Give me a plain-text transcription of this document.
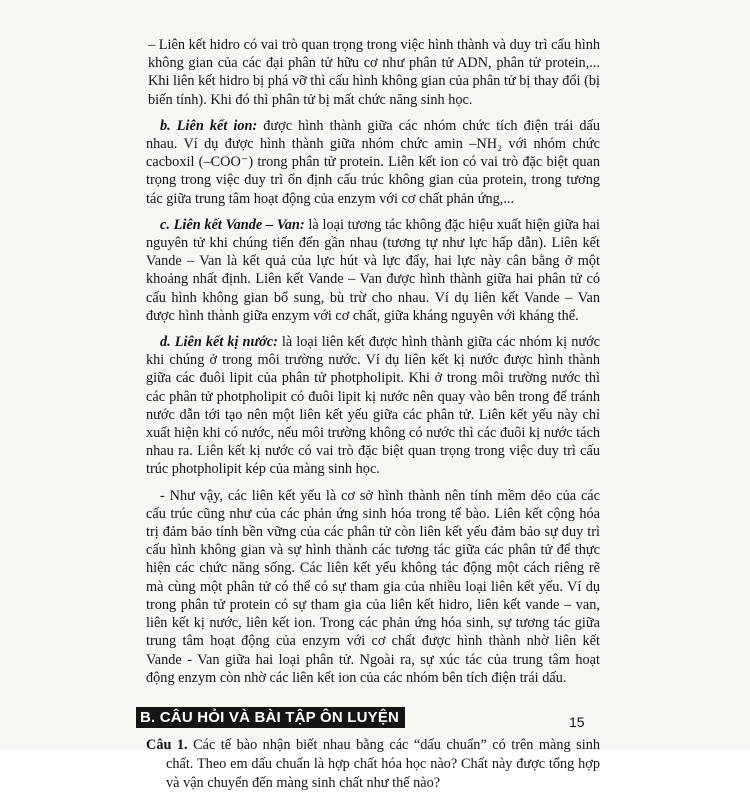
– Liên kết hidro có vai trò quan trọng trong việc hình thành và duy trì cấu hình không gian của các đại phân tử hữu cơ như phân tử ADN, phân tử protein,... Khi liên kết hidro bị phá vỡ thì cấu hình không gian của phân tử bị thay đổi (bị biến tính). Khi đó thì phân tử bị mất chức năng sinh học.

b. Liên kết ion: được hình thành giữa các nhóm chức tích điện trái dấu nhau. Ví dụ được hình thành giữa nhóm chức amin –NH₂ với nhóm chức cacboxil (–COO⁻) trong phân tử protein. Liên kết ion có vai trò đặc biệt quan trọng trong việc duy trì ổn định cấu trúc không gian của protein, trong tương tác giữa trung tâm hoạt động của enzym với cơ chất phản ứng,...

c. Liên kết Vande – Van: là loại tương tác không đặc hiệu xuất hiện giữa hai nguyên tử khi chúng tiến đến gần nhau (tương tự như lực hấp dẫn). Liên kết Vande – Van là kết quả của lực hút và lực đẩy, hai lực này cân bằng ở một khoảng nhất định. Liên kết Vande – Van được hình thành giữa hai phân tử có cấu hình không gian bổ sung, bù trừ cho nhau. Ví dụ liên kết Vande – Van được hình thành giữa enzym với cơ chất, giữa kháng nguyên với kháng thể.

d. Liên kết kị nước: là loại liên kết được hình thành giữa các nhóm kị nước khi chúng ở trong môi trường nước. Ví dụ liên kết kị nước được hình thành giữa các đuôi lipit của phân tử photpholipit. Khi ở trong môi trường nước thì các phân tử photpholipit có đuôi lipit kị nước nên quay vào bên trong để tránh nước dẫn tới tạo nên một liên kết yếu giữa các phân tử. Liên kết yếu này chỉ xuất hiện khi có nước, nếu môi trường không có nước thì các đuôi kị nước tách nhau ra. Liên kết kị nước có vai trò đặc biệt quan trọng trong việc duy trì cấu trúc photpholipit kép của màng sinh học.

- Như vậy, các liên kết yếu là cơ sở hình thành nên tính mềm dẻo của các cấu trúc cũng như của các phản ứng sinh hóa trong tế bào. Liên kết cộng hóa trị đảm bảo tính bền vững của các phân tử còn liên kết yếu đảm bảo sự duy trì cấu hình không gian và sự hình thành các tương tác giữa các phân tử để thực hiện các chức năng sống. Các liên kết yếu không tác động một cách riêng rẽ mà cùng một phân tử có thể có sự tham gia của nhiều loại liên kết yếu. Ví dụ trong phân tử protein có sự tham gia của liên kết hidro, liên kết vande – van, liên kết kị nước, liên kết ion. Trong các phản ứng hóa sinh, sự tương tác giữa trung tâm hoạt động của enzym với cơ chất được hình thành nhờ liên kết Vande - Van giữa hai loại phân tử. Ngoài ra, sự xúc tác của trung tâm hoạt động enzym còn nhờ các liên kết ion của các nhóm bên tích điện trái dấu.

B. CÂU HỎI VÀ BÀI TẬP ÔN LUYỆN

Câu 1. Các tế bào nhận biết nhau bằng các “dấu chuẩn” có trên màng sinh chất. Theo em dấu chuẩn là hợp chất hóa học nào? Chất này được tổng hợp và vận chuyển đến màng sinh chất như thế nào?

15
